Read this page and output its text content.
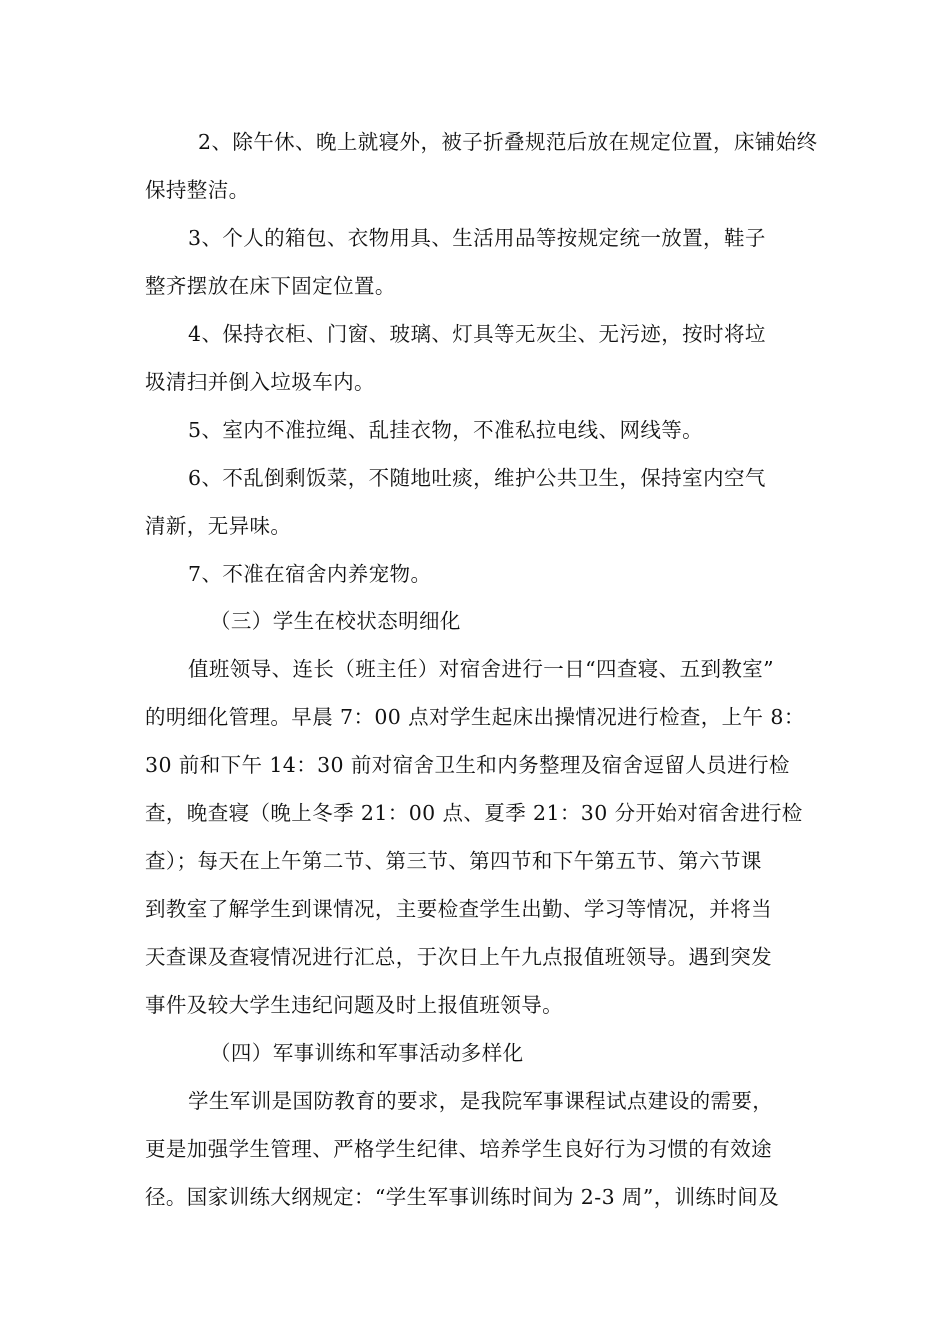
2、除午休、晚上就寝外，被子折叠规范后放在规定位置，床铺始终
保持整洁。
3、个人的箱包、衣物用具、生活用品等按规定统一放置，鞋子
整齐摆放在床下固定位置。
4、保持衣柜、门窗、玻璃、灯具等无灰尘、无污迹，按时将垃
圾清扫并倒入垃圾车内。
5、室内不准拉绳、乱挂衣物，不准私拉电线、网线等。
6、不乱倒剩饭菜，不随地吐痰，维护公共卫生，保持室内空气
清新，无异味。
7、不准在宿舍内养宠物。
（三）学生在校状态明细化
值班领导、连长（班主任）对宿舍进行一日“四查寝、五到教室”
的明细化管理。早晨 7：00 点对学生起床出操情况进行检查，上午 8：
30 前和下午 14：30 前对宿舍卫生和内务整理及宿舍逗留人员进行检
查，晚查寝（晚上冬季 21：00 点、夏季 21：30 分开始对宿舍进行检
查）；每天在上午第二节、第三节、第四节和下午第五节、第六节课
到教室了解学生到课情况，主要检查学生出勤、学习等情况，并将当
天查课及查寝情况进行汇总，于次日上午九点报值班领导。遇到突发
事件及较大学生违纪问题及时上报值班领导。
（四）军事训练和军事活动多样化
学生军训是国防教育的要求，是我院军事课程试点建设的需要，
更是加强学生管理、严格学生纪律、培养学生良好行为习惯的有效途
径。国家训练大纲规定：“学生军事训练时间为 2-3 周”，训练时间及
